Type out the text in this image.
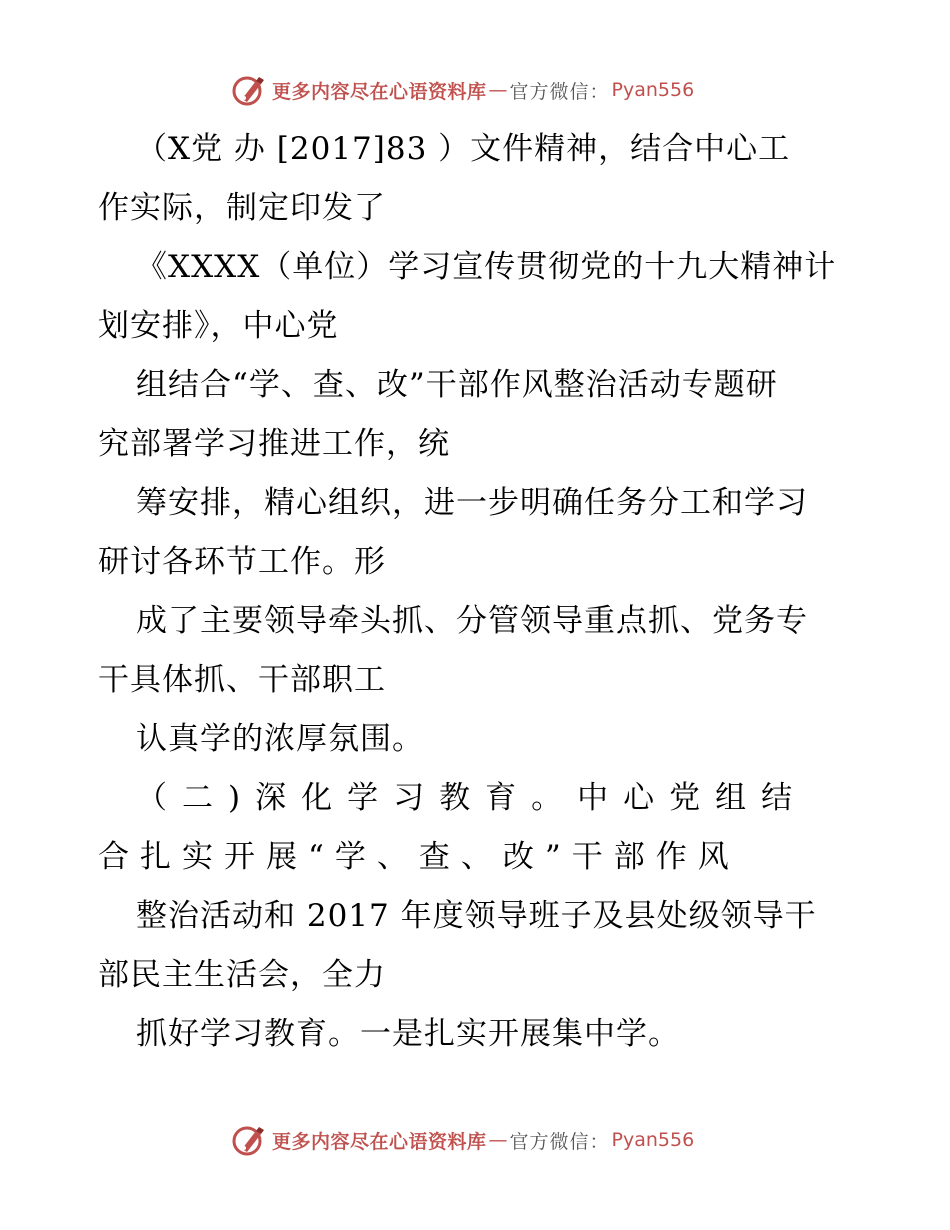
更多内容尽在心语资料库 — 官方微信： Pyan556
（X党 办 [2017]83 ）文件精神，结合中心工
作实际，制定印发了
《XXXX（单位）学习宣传贯彻党的十九大精神计
划安排》，中心党
组结合“学、查、改”干部作风整治活动专题研
究部署学习推进工作，统
筹安排，精心组织，进一步明确任务分工和学习
研讨各环节工作。形
成了主要领导牵头抓、分管领导重点抓、党务专
干具体抓、干部职工
认真学的浓厚氛围。
（二)深化学习教育。中心党组结
合扎实开展“学、查、改”干部作风
整治活动和 2017 年度领导班子及县处级领导干
部民主生活会，全力
抓好学习教育。一是扎实开展集中学。
更多内容尽在心语资料库 — 官方微信： Pyan556
